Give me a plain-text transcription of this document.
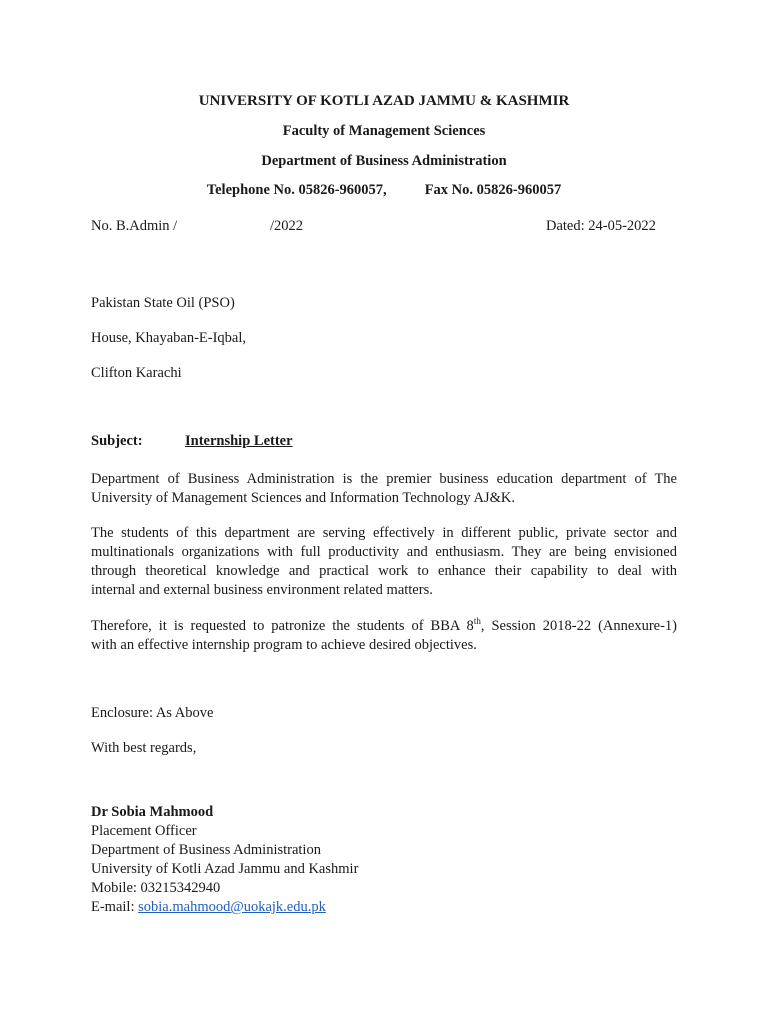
UNIVERSITY OF KOTLI AZAD JAMMU & KASHMIR
Faculty of Management Sciences
Department of Business Administration
Telephone No. 05826-960057,	Fax No. 05826-960057
No. B.Admin /	/2022	Dated: 24-05-2022
Pakistan State Oil (PSO)
House, Khayaban-E-Iqbal,
Clifton Karachi
Subject:	Internship Letter
Department of Business Administration is the premier business education department of The
University of Management Sciences and Information Technology AJ&K.
The students of this department are serving effectively in different public, private sector and
multinationals organizations with full productivity and enthusiasm. They are being envisioned
through theoretical knowledge and practical work to enhance their capability to deal with
internal and external business environment related matters.
Therefore, it is requested to patronize the students of BBA 8th, Session 2018-22 (Annexure-1)
with an effective internship program to achieve desired objectives.
Enclosure: As Above
With best regards,
Dr Sobia Mahmood
Placement Officer
Department of Business Administration
University of Kotli Azad Jammu and Kashmir
Mobile: 03215342940
E-mail: sobia.mahmood@uokajk.edu.pk
